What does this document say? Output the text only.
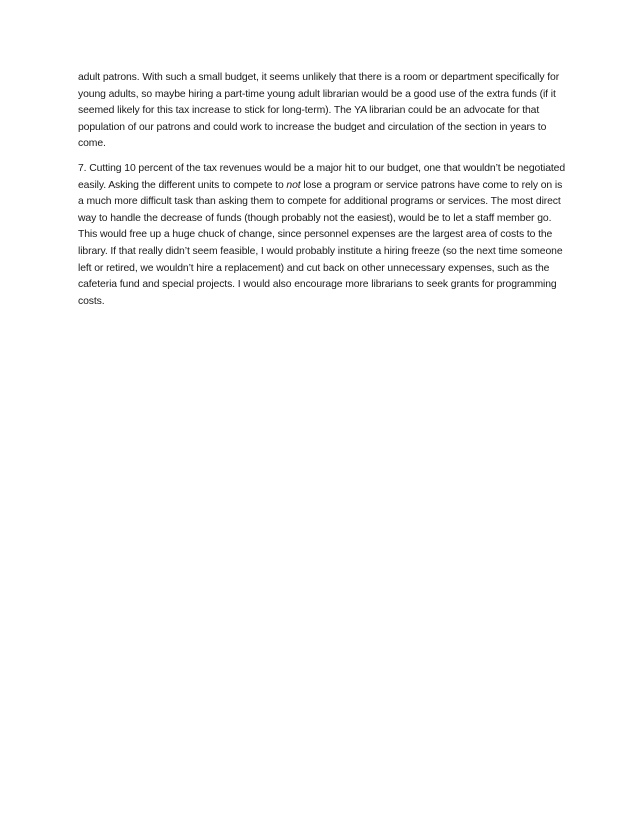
adult patrons. With such a small budget, it seems unlikely that there is a room or department specifically for young adults, so maybe hiring a part-time young adult librarian would be a good use of the extra funds (if it seemed likely for this tax increase to stick for long-term). The YA librarian could be an advocate for that population of our patrons and could work to increase the budget and circulation of the section in years to come.

7. Cutting 10 percent of the tax revenues would be a major hit to our budget, one that wouldn’t be negotiated easily. Asking the different units to compete to not lose a program or service patrons have come to rely on is a much more difficult task than asking them to compete for additional programs or services. The most direct way to handle the decrease of funds (though probably not the easiest), would be to let a staff member go. This would free up a huge chuck of change, since personnel expenses are the largest area of costs to the library. If that really didn’t seem feasible, I would probably institute a hiring freeze (so the next time someone left or retired, we wouldn’t hire a replacement) and cut back on other unnecessary expenses, such as the cafeteria fund and special projects. I would also encourage more librarians to seek grants for programming costs.
